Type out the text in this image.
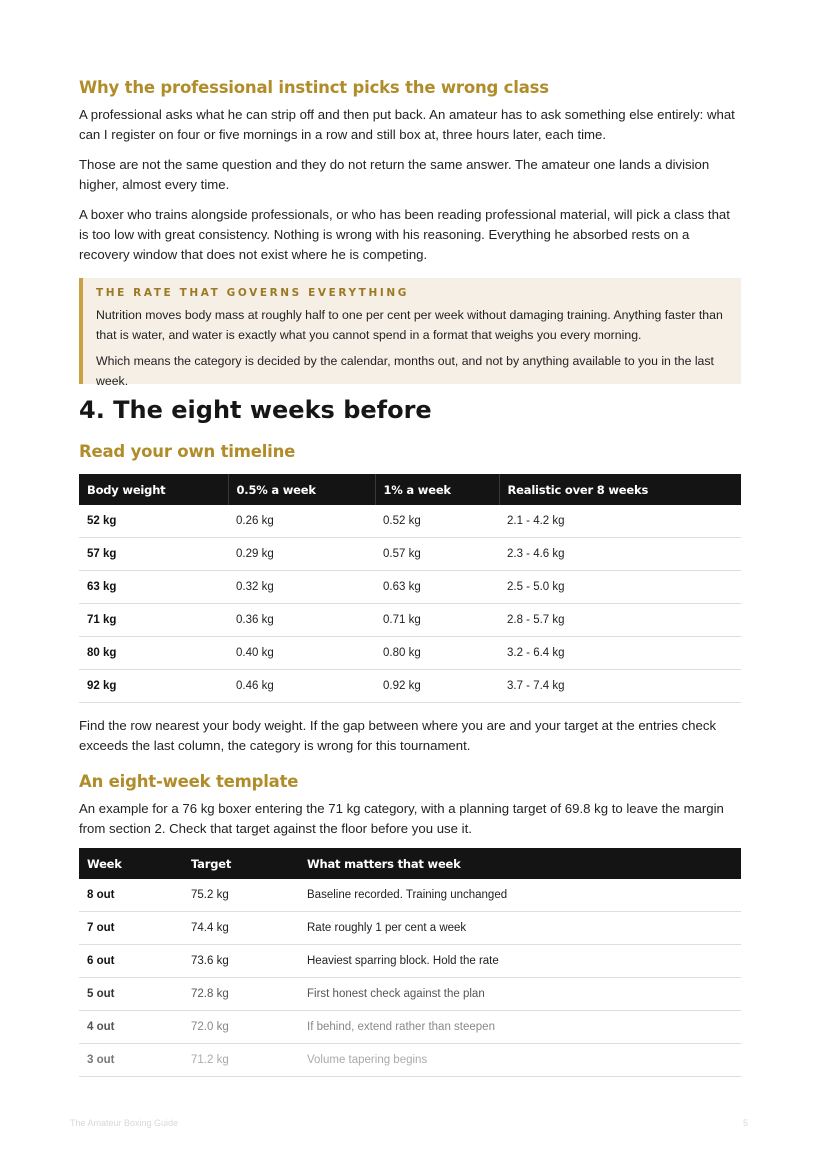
Why the professional instinct picks the wrong class

A professional asks what he can strip off and then put back. An amateur has to ask something else entirely: what can I register on four or five mornings in a row and still box at, three hours later, each time.

Those are not the same question and they do not return the same answer. The amateur one lands a division higher, almost every time.

A boxer who trains alongside professionals, or who has been reading professional material, will pick a class that is too low with great consistency. Nothing is wrong with his reasoning. Everything he absorbed rests on a recovery window that does not exist where he is competing.

THE RATE THAT GOVERNS EVERYTHING

Nutrition moves body mass at roughly half to one per cent per week without damaging training. Anything faster than that is water, and water is exactly what you cannot spend in a format that weighs you every morning.

Which means the category is decided by the calendar, months out, and not by anything available to you in the last week.

4. The eight weeks before
Read your own timeline
Body weight	0.5% a week	1% a week	Realistic over 8 weeks
52 kg	0.26 kg	0.52 kg	2.1 - 4.2 kg
57 kg	0.29 kg	0.57 kg	2.3 - 4.6 kg
63 kg	0.32 kg	0.63 kg	2.5 - 5.0 kg
71 kg	0.36 kg	0.71 kg	2.8 - 5.7 kg
80 kg	0.40 kg	0.80 kg	3.2 - 6.4 kg
92 kg	0.46 kg	0.92 kg	3.7 - 7.4 kg

Find the row nearest your body weight. If the gap between where you are and your target at the entries check exceeds the last column, the category is wrong for this tournament.

An eight-week template

An example for a 76 kg boxer entering the 71 kg category, with a planning target of 69.8 kg to leave the margin from section 2. Check that target against the floor before you use it.

Week	Target	What matters that week
8 out	75.2 kg	Baseline recorded. Training unchanged
7 out	74.4 kg	Rate roughly 1 per cent a week
6 out	73.6 kg	Heaviest sparring block. Hold the rate
5 out	72.8 kg	First honest check against the plan
4 out	72.0 kg	If behind, extend rather than steepen
3 out	71.2 kg	Volume tapering begins
The Amateur Boxing Guide	5
